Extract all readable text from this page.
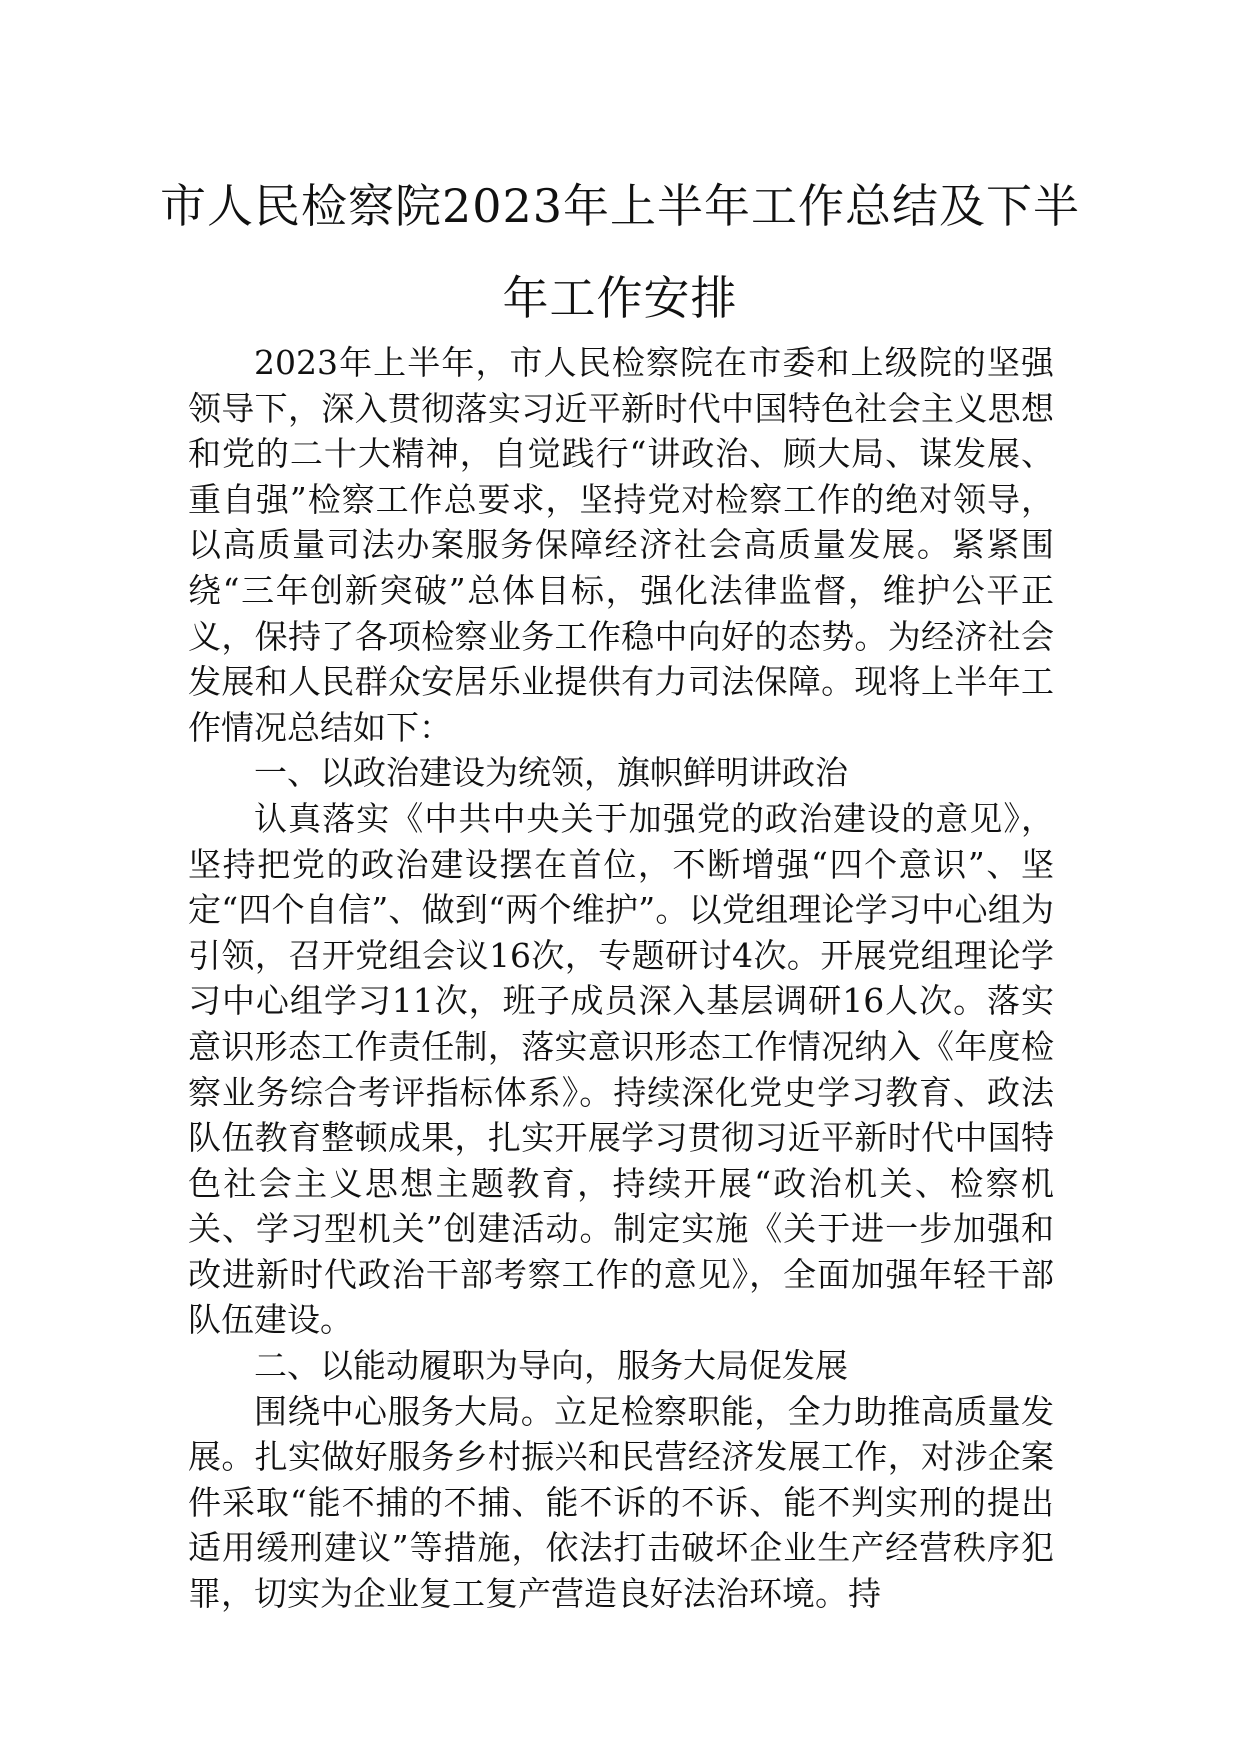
市人民检察院2023年上半年工作总结及下半年工作安排

2023年上半年，市人民检察院在市委和上级院的坚强领导下，深入贯彻落实习近平新时代中国特色社会主义思想和党的二十大精神，自觉践行“讲政治、顾大局、谋发展、重自强”检察工作总要求，坚持党对检察工作的绝对领导，以高质量司法办案服务保障经济社会高质量发展。紧紧围绕“三年创新突破”总体目标，强化法律监督，维护公平正义，保持了各项检察业务工作稳中向好的态势。为经济社会发展和人民群众安居乐业提供有力司法保障。现将上半年工作情况总结如下：

一、以政治建设为统领，旗帜鲜明讲政治

认真落实《中共中央关于加强党的政治建设的意见》，坚持把党的政治建设摆在首位，不断增强“四个意识”、坚定“四个自信”、做到“两个维护”。以党组理论学习中心组为引领，召开党组会议16次，专题研讨4次。开展党组理论学习中心组学习11次，班子成员深入基层调研16人次。落实意识形态工作责任制，落实意识形态工作情况纳入《年度检察业务综合考评指标体系》。持续深化党史学习教育、政法队伍教育整顿成果，扎实开展学习贯彻习近平新时代中国特色社会主义思想主题教育，持续开展“政治机关、检察机关、学习型机关”创建活动。制定实施《关于进一步加强和改进新时代政治干部考察工作的意见》，全面加强年轻干部队伍建设。

二、以能动履职为导向，服务大局促发展

围绕中心服务大局。立足检察职能，全力助推高质量发展。扎实做好服务乡村振兴和民营经济发展工作，对涉企案件采取“能不捕的不捕、能不诉的不诉、能不判实刑的提出适用缓刑建议”等措施，依法打击破坏企业生产经营秩序犯罪，切实为企业复工复产营造良好法治环境。持
